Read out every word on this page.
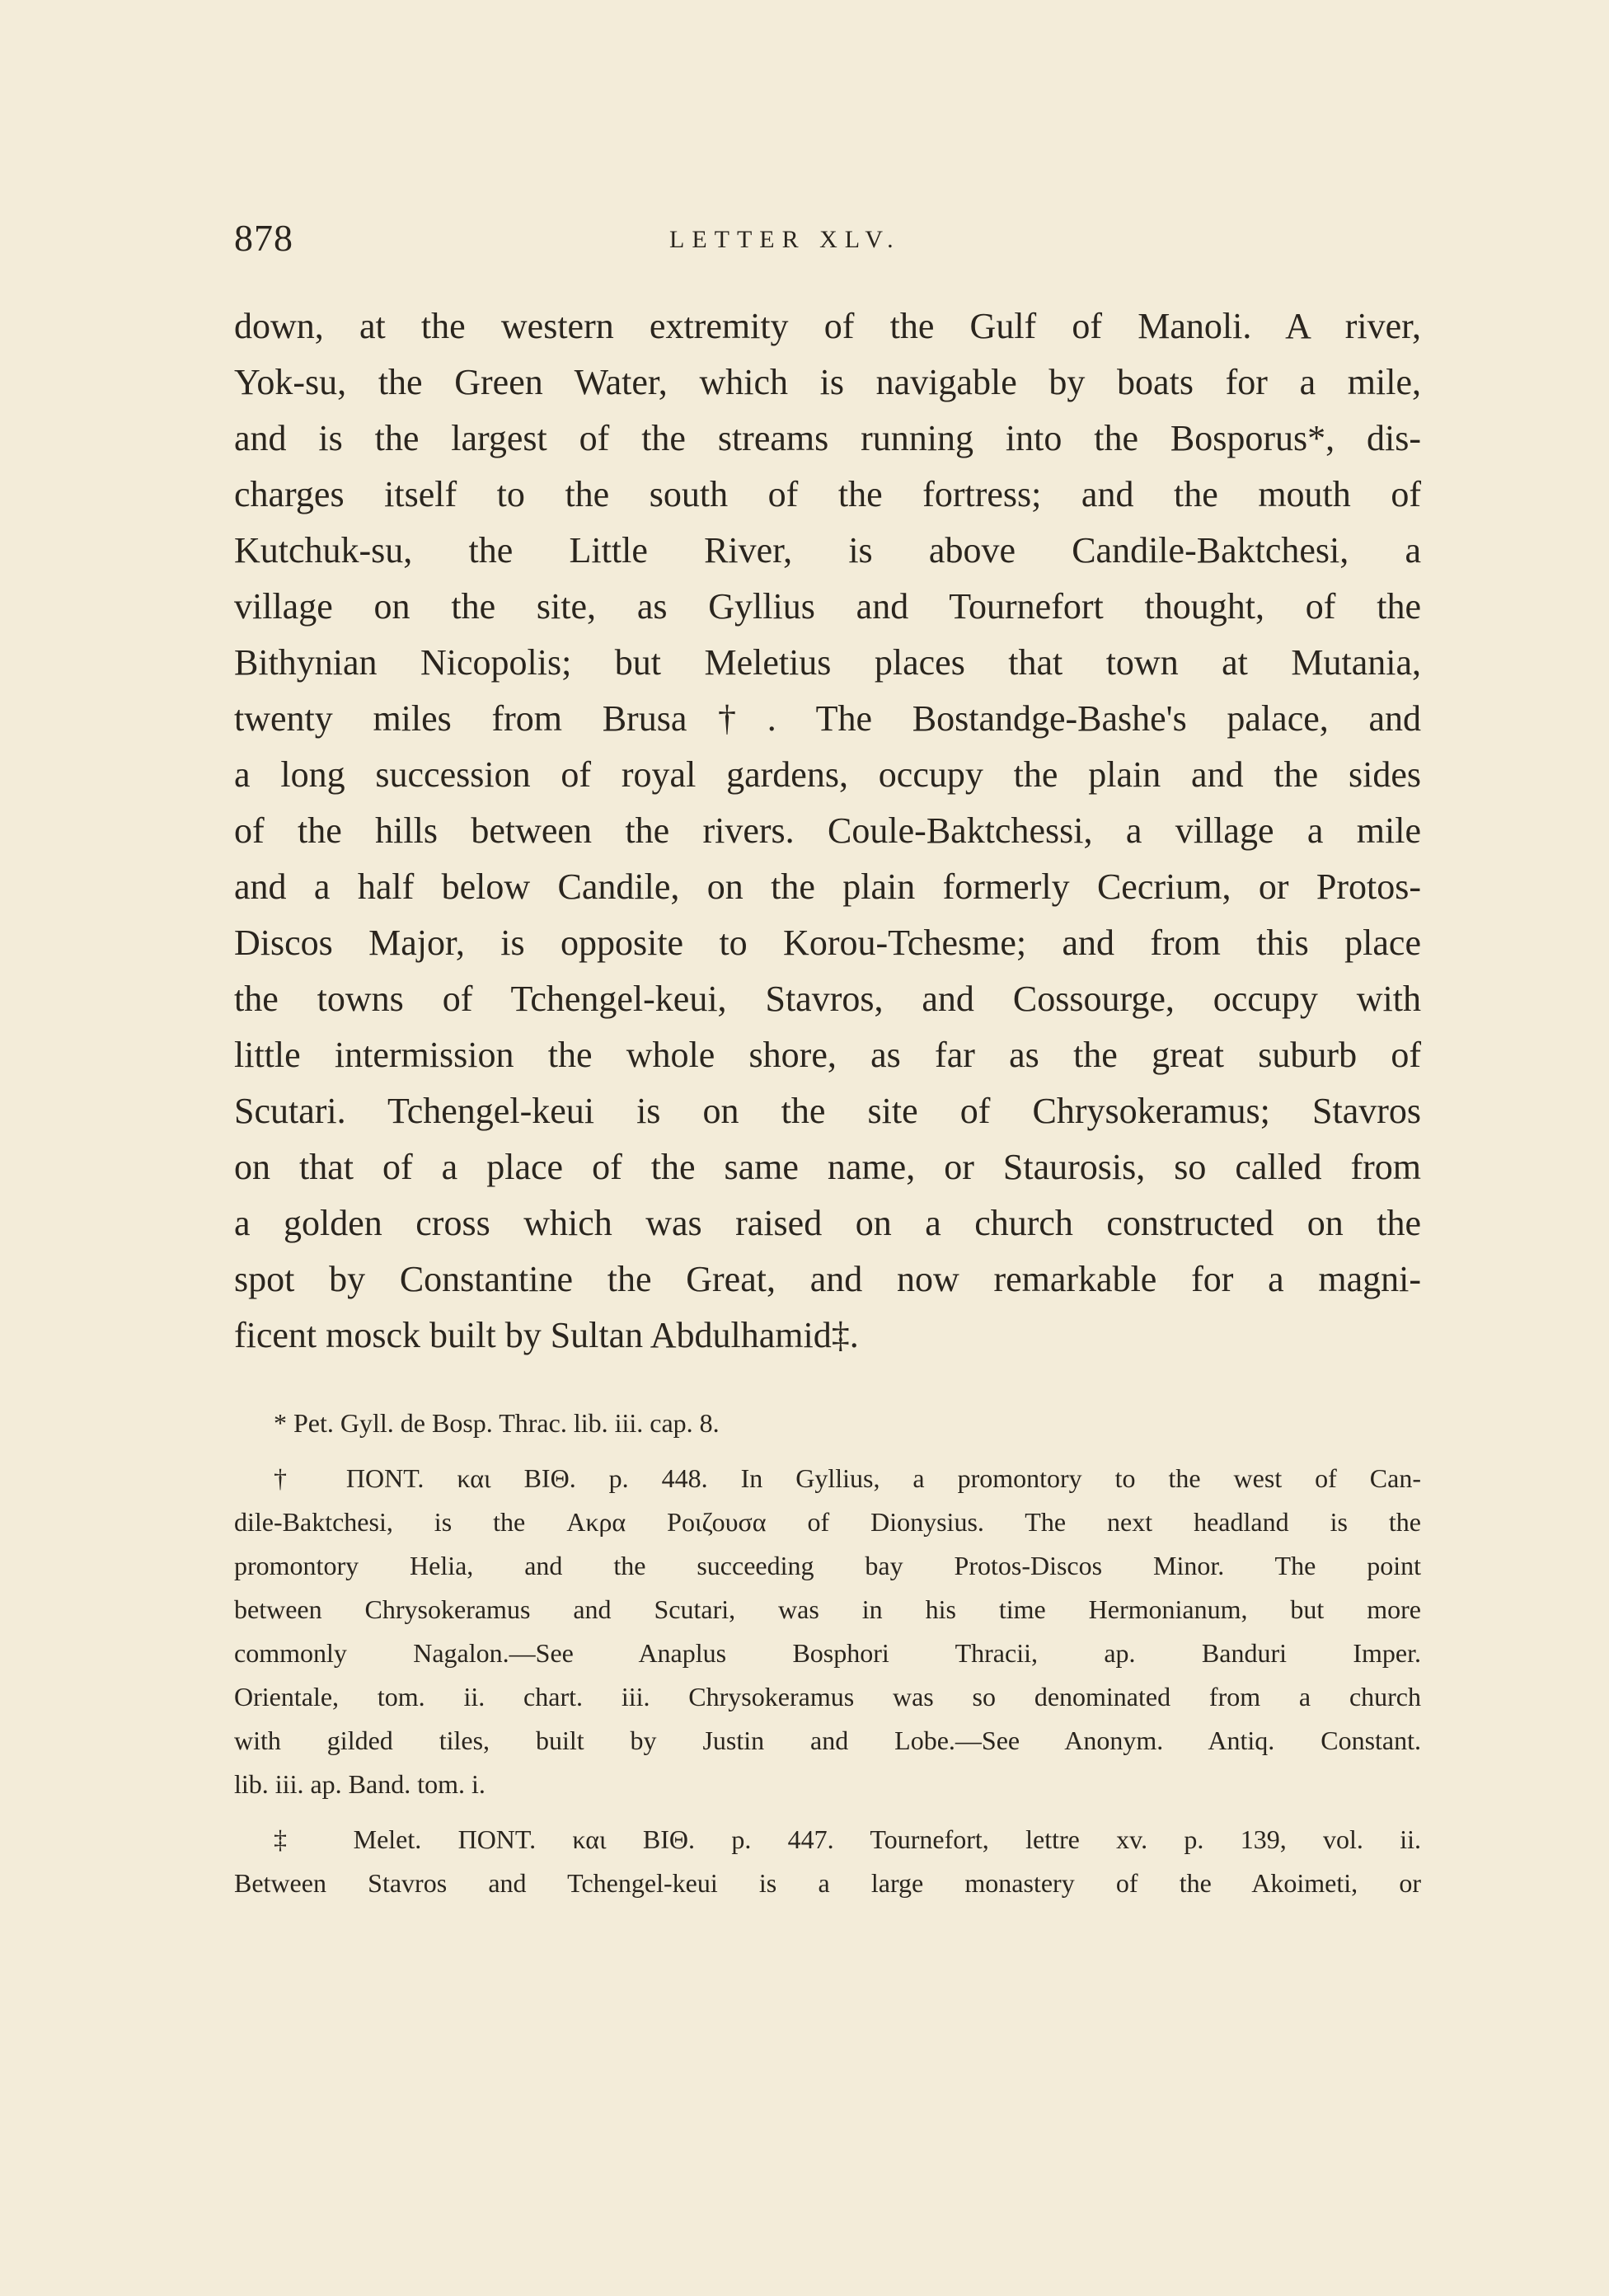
878	LETTER XLV.
down, at the western extremity of the Gulf of Manoli. A river,
Yok-su, the Green Water, which is navigable by boats for a mile,
and is the largest of the streams running into the Bosporus*, dis-
charges itself to the south of the fortress; and the mouth of
Kutchuk-su, the Little River, is above Candile-Baktchesi, a
village on the site, as Gyllius and Tournefort thought, of the
Bithynian Nicopolis; but Meletius places that town at Mutania,
twenty miles from Brusa†. The Bostandge-Bashe's palace, and
a long succession of royal gardens, occupy the plain and the sides
of the hills between the rivers. Coule-Baktchessi, a village a mile
and a half below Candile, on the plain formerly Cecrium, or Protos-
Discos Major, is opposite to Korou-Tchesme; and from this place
the towns of Tchengel-keui, Stavros, and Cossourge, occupy with
little intermission the whole shore, as far as the great suburb of
Scutari. Tchengel-keui is on the site of Chrysokeramus; Stavros
on that of a place of the same name, or Staurosis, so called from
a golden cross which was raised on a church constructed on the
spot by Constantine the Great, and now remarkable for a magni-
ficent mosck built by Sultan Abdulhamid‡.
* Pet. Gyll. de Bosp. Thrac. lib. iii. cap. 8.
† ΠΟΝΤ. και ΒΙΘ. p. 448. In Gyllius, a promontory to the west of Can-
dile-Baktchesi, is the Ακρα Ροιζουσα of Dionysius. The next headland is the
promontory Helia, and the succeeding bay Protos-Discos Minor. The point
between Chrysokeramus and Scutari, was in his time Hermonianum, but more
commonly Nagalon.—See Anaplus Bosphori Thracii, ap. Banduri Imper.
Orientale, tom. ii. chart. iii. Chrysokeramus was so denominated from a church
with gilded tiles, built by Justin and Lobe.—See Anonym. Antiq. Constant.
lib. iii. ap. Band. tom. i.
‡ Melet. ΠΟΝΤ. και ΒΙΘ. p. 447. Tournefort, lettre xv. p. 139, vol. ii.
Between Stavros and Tchengel-keui is a large monastery of the Akoimeti, or
